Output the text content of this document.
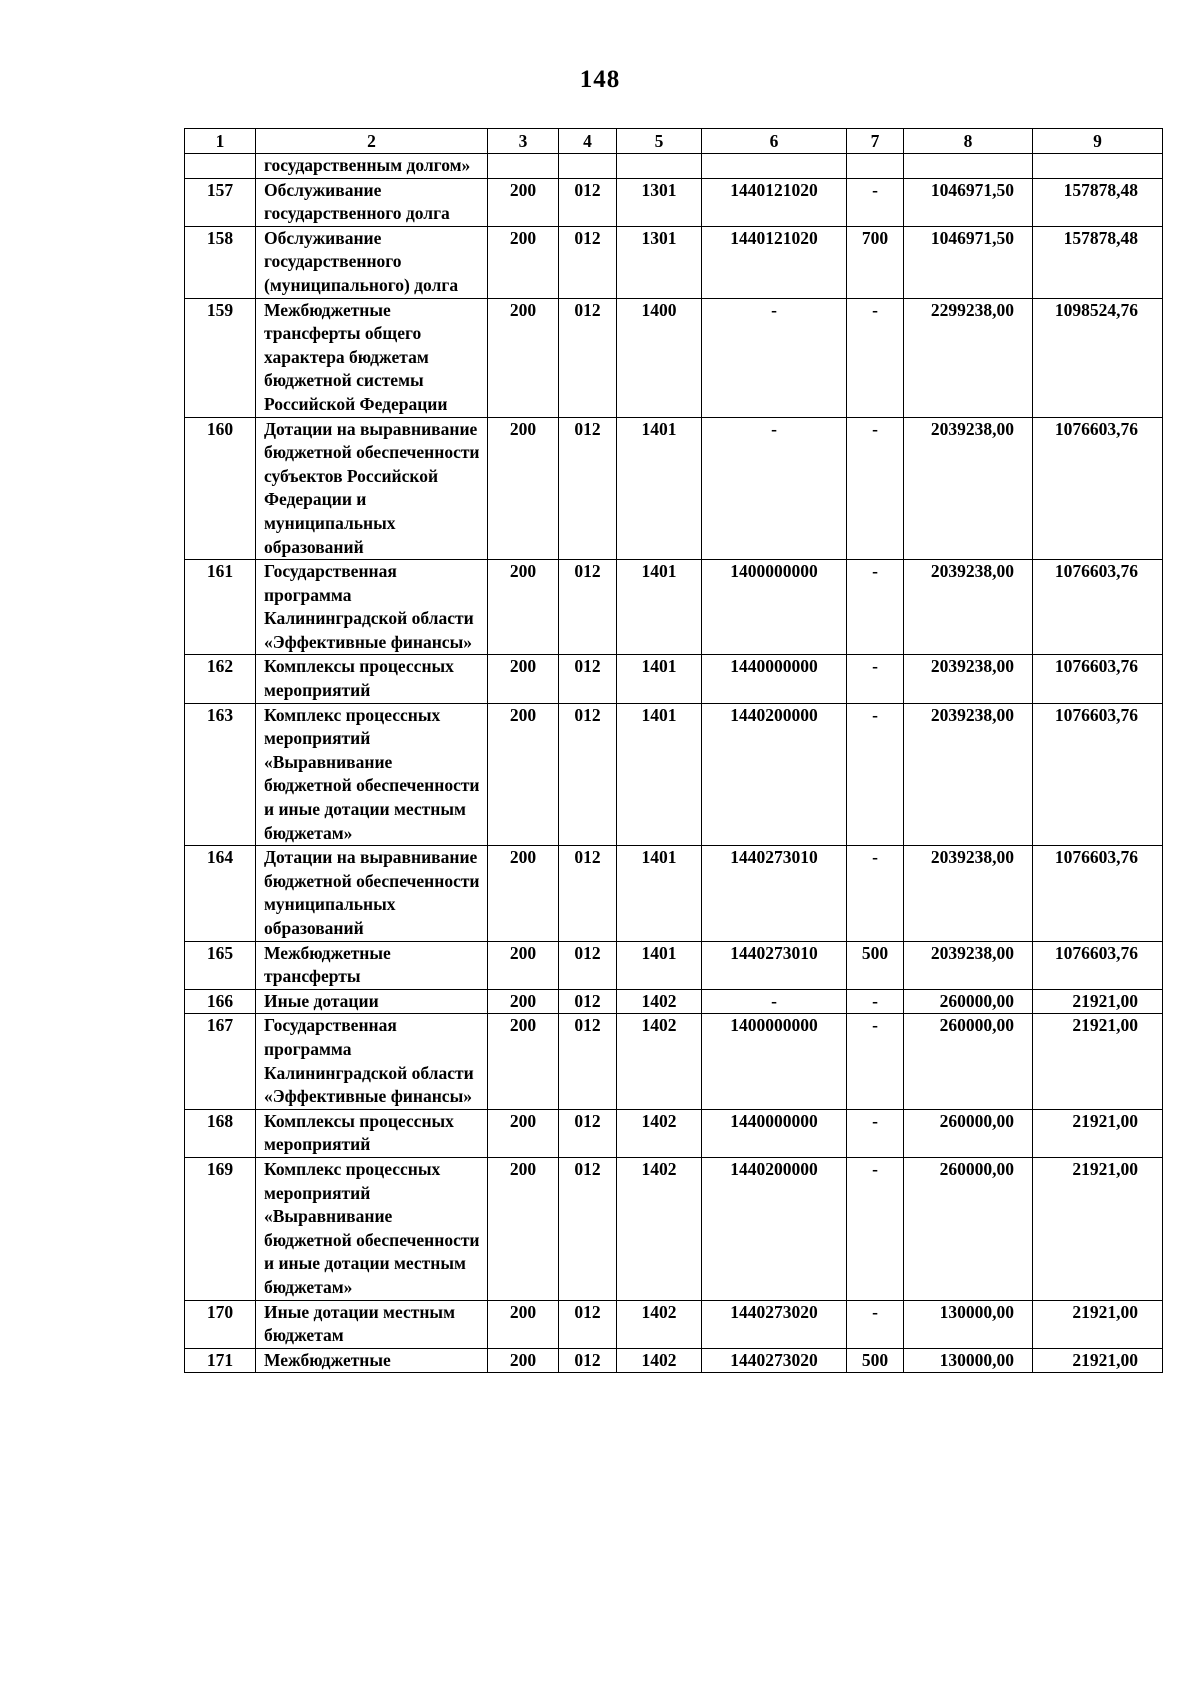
148
1	2	3	4	5	6	7	8	9
	государственным долгом»							
157	Обслуживание государственного долга	200	012	1301	1440121020	-	1046971,50	157878,48
158	Обслуживание государственного (муниципального) долга	200	012	1301	1440121020	700	1046971,50	157878,48
159	Межбюджетные трансферты общего характера бюджетам бюджетной системы Российской Федерации	200	012	1400	-	-	2299238,00	1098524,76
160	Дотации на выравнивание бюджетной обеспеченности субъектов Российской Федерации и муниципальных образований	200	012	1401	-	-	2039238,00	1076603,76
161	Государственная программа Калининградской области «Эффективные финансы»	200	012	1401	1400000000	-	2039238,00	1076603,76
162	Комплексы процессных мероприятий	200	012	1401	1440000000	-	2039238,00	1076603,76
163	Комплекс процессных мероприятий «Выравнивание бюджетной обеспеченности и иные дотации местным бюджетам»	200	012	1401	1440200000	-	2039238,00	1076603,76
164	Дотации на выравнивание бюджетной обеспеченности муниципальных образований	200	012	1401	1440273010	-	2039238,00	1076603,76
165	Межбюджетные трансферты	200	012	1401	1440273010	500	2039238,00	1076603,76
166	Иные дотации	200	012	1402	-	-	260000,00	21921,00
167	Государственная программа Калининградской области «Эффективные финансы»	200	012	1402	1400000000	-	260000,00	21921,00
168	Комплексы процессных мероприятий	200	012	1402	1440000000	-	260000,00	21921,00
169	Комплекс процессных мероприятий «Выравнивание бюджетной обеспеченности и иные дотации местным бюджетам»	200	012	1402	1440200000	-	260000,00	21921,00
170	Иные дотации местным бюджетам	200	012	1402	1440273020	-	130000,00	21921,00
171	Межбюджетные	200	012	1402	1440273020	500	130000,00	21921,00
